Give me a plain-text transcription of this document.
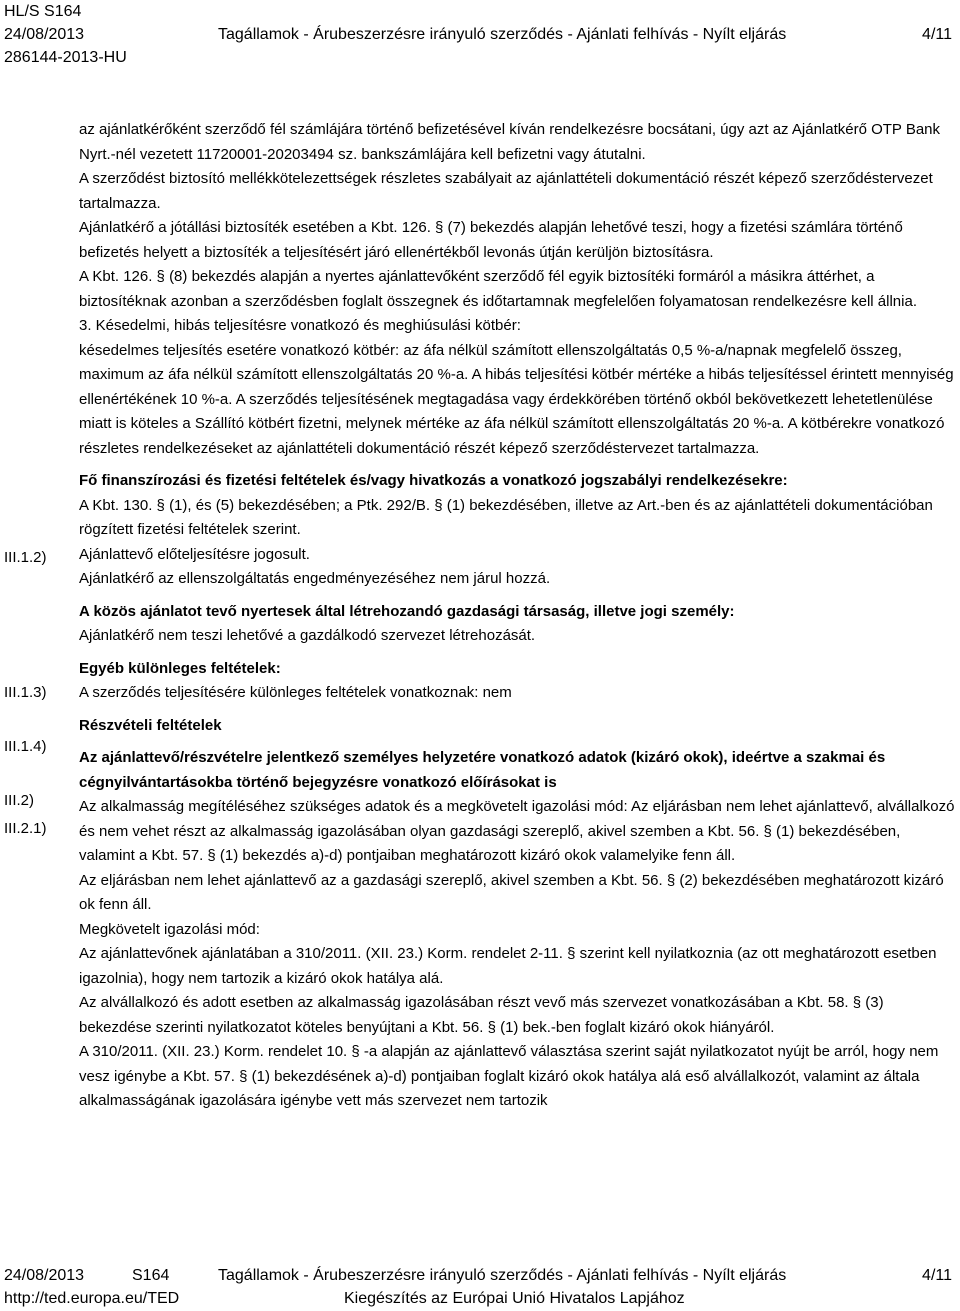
HL/S S164
24/08/2013	Tagállamok - Árubeszerzésre irányuló szerződés - Ajánlati felhívás - Nyílt eljárás	4/11
286144-2013-HU
III.1.2)
III.1.3)
III.1.4)
III.2)
III.2.1)

az ajánlatkérőként szerződő fél számlájára történő befizetésével kíván rendelkezésre bocsátani, úgy azt az Ajánlatkérő OTP Bank Nyrt.-nél vezetett 11720001-20203494 sz. bankszámlájára kell befizetni vagy átutalni.

A szerződést biztosító mellékkötelezettségek részletes szabályait az ajánlattételi dokumentáció részét képező szerződéstervezet tartalmazza.

Ajánlatkérő a jótállási biztosíték esetében a Kbt. 126. § (7) bekezdés alapján lehetővé teszi, hogy a fizetési számlára történő befizetés helyett a biztosíték a teljesítésért járó ellenértékből levonás útján kerüljön biztosításra.

A Kbt. 126. § (8) bekezdés alapján a nyertes ajánlattevőként szerződő fél egyik biztosítéki formáról a másikra áttérhet, a biztosítéknak azonban a szerződésben foglalt összegnek és időtartamnak megfelelően folyamatosan rendelkezésre kell állnia.

3. Késedelmi, hibás teljesítésre vonatkozó és meghiúsulási kötbér:

késedelmes teljesítés esetére vonatkozó kötbér: az áfa nélkül számított ellenszolgáltatás 0,5 %-a/napnak megfelelő összeg, maximum az áfa nélkül számított ellenszolgáltatás 20 %-a. A hibás teljesítési kötbér mértéke a hibás teljesítéssel érintett mennyiség ellenértékének 10 %-a. A szerződés teljesítésének megtagadása vagy érdekkörében történő okból bekövetkezett lehetetlenülése miatt is köteles a Szállító kötbért fizetni, melynek mértéke az áfa nélkül számított ellenszolgáltatás 20 %-a. A kötbérekre vonatkozó részletes rendelkezéseket az ajánlattételi dokumentáció részét képező szerződéstervezet tartalmazza.

Fő finanszírozási és fizetési feltételek és/vagy hivatkozás a vonatkozó jogszabályi rendelkezésekre:

A Kbt. 130. § (1), és (5) bekezdésében; a Ptk. 292/B. § (1) bekezdésében, illetve az Art.-ben és az ajánlattételi dokumentációban rögzített fizetési feltételek szerint.

Ajánlattevő előteljesítésre jogosult.

Ajánlatkérő az ellenszolgáltatás engedményezéséhez nem járul hozzá.

A közös ajánlatot tevő nyertesek által létrehozandó gazdasági társaság, illetve jogi személy:

Ajánlatkérő nem teszi lehetővé a gazdálkodó szervezet létrehozását.

Egyéb különleges feltételek:

A szerződés teljesítésére különleges feltételek vonatkoznak: nem

Részvételi feltételek

Az ajánlattevő/részvételre jelentkező személyes helyzetére vonatkozó adatok (kizáró okok), ideértve a szakmai és cégnyilvántartásokba történő bejegyzésre vonatkozó előírásokat is

Az alkalmasság megítéléséhez szükséges adatok és a megkövetelt igazolási mód: Az eljárásban nem lehet ajánlattevő, alvállalkozó és nem vehet részt az alkalmasság igazolásában olyan gazdasági szereplő, akivel szemben a Kbt. 56. § (1) bekezdésében, valamint a Kbt. 57. § (1) bekezdés a)-d) pontjaiban meghatározott kizáró okok valamelyike fenn áll.

Az eljárásban nem lehet ajánlattevő az a gazdasági szereplő, akivel szemben a Kbt. 56. § (2) bekezdésében meghatározott kizáró ok fenn áll.

Megkövetelt igazolási mód:

Az ajánlattevőnek ajánlatában a 310/2011. (XII. 23.) Korm. rendelet 2-11. § szerint kell nyilatkoznia (az ott meghatározott esetben igazolnia), hogy nem tartozik a kizáró okok hatálya alá.

Az alvállalkozó és adott esetben az alkalmasság igazolásában részt vevő más szervezet vonatkozásában a Kbt. 58. § (3) bekezdése szerinti nyilatkozatot köteles benyújtani a Kbt. 56. § (1) bek.-ben foglalt kizáró okok hiányáról.

A 310/2011. (XII. 23.) Korm. rendelet 10. § -a alapján az ajánlattevő választása szerint saját nyilatkozatot nyújt be arról, hogy nem vesz igénybe a Kbt. 57. § (1) bekezdésének a)-d) pontjaiban foglalt kizáró okok hatálya alá eső alvállalkozót, valamint az általa alkalmasságának igazolására igénybe vett más szervezet nem tartozik

24/08/2013	S164	Tagállamok - Árubeszerzésre irányuló szerződés - Ajánlati felhívás - Nyílt eljárás	4/11
http://ted.europa.eu/TED	Kiegészítés az Európai Unió Hivatalos Lapjához
